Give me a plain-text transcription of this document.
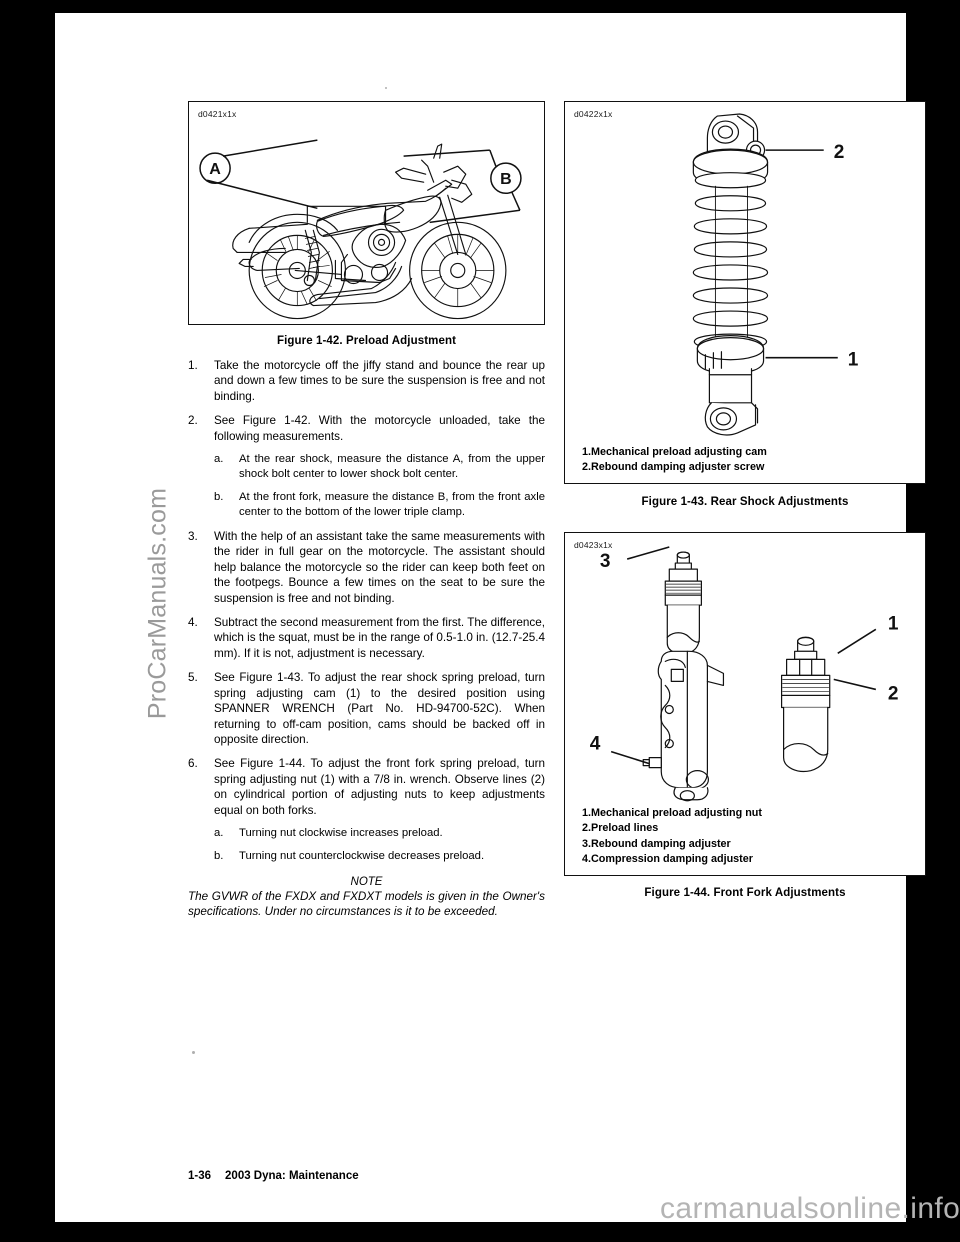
ProCarManuals.com
d0421x1x
A
B
Figure 1-42. Preload Adjustment
1.	Take the motorcycle off the jiffy stand and bounce the rear up and down a few times to be sure the suspension is free and not binding.
2.	See Figure 1-42. With the motorcycle unloaded, take the following measurements.
a.	At the rear shock, measure the distance A, from the upper shock bolt center to lower shock bolt center.
b.	At the front fork, measure the distance B, from the front axle center to the bottom of the lower triple clamp.
3.	With the help of an assistant take the same measurements with the rider in full gear on the motorcycle. The assistant should help balance the motorcycle so the rider can keep both feet on the footpegs. Bounce a few times on the seat to be sure the suspension is free and not binding.
4.	Subtract the second measurement from the first. The difference, which is the squat, must be in the range of 0.5-1.0 in. (12.7-25.4 mm). If it is not, adjustment is necessary.
5.	See Figure 1-43. To adjust the rear shock spring preload, turn spring adjusting cam (1) to the desired position using SPANNER WRENCH (Part No. HD-94700-52C). When returning to off-cam position, cams should be backed off in opposite direction.
6.	See Figure 1-44. To adjust the front fork spring preload, turn spring adjusting nut (1) with a 7/8 in. wrench. Observe lines (2) on cylindrical portion of adjusting nuts to keep adjustments equal on both forks.
a.	Turning nut clockwise increases preload.
b.	Turning nut counterclockwise decreases preload.
NOTE
The GVWR of the FXDX and FXDXT models is given in the Owner's specifications. Under no circumstances is it to be exceeded.
d0422x1x
2
1
1. Mechanical preload adjusting cam
2. Rebound damping adjuster screw
Figure 1-43. Rear Shock Adjustments
d0423x1x
3
1
2
4
1. Mechanical preload adjusting nut
2. Preload lines
3. Rebound damping adjuster
4. Compression damping adjuster
Figure 1-44. Front Fork Adjustments
1-36 2003 Dyna: Maintenance
carmanualsonline.info
